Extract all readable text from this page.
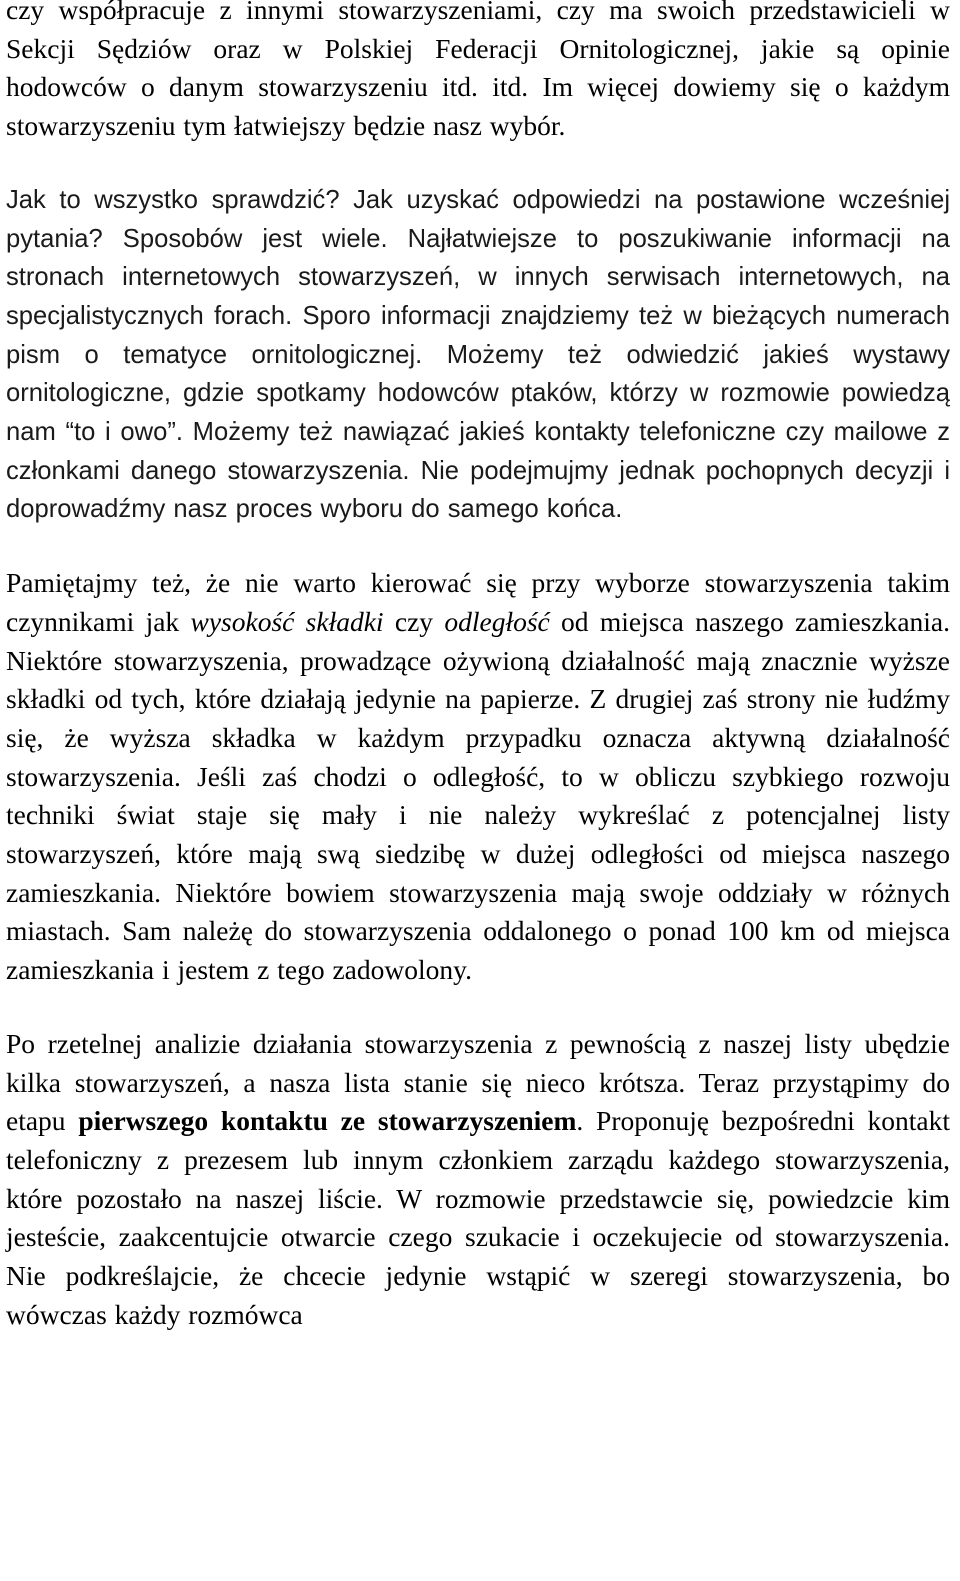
czy współpracuje z innymi stowarzyszeniami, czy ma swoich przedstawicieli w Sekcji Sędziów oraz w Polskiej Federacji Ornitologicznej, jakie są opinie hodowców o danym stowarzyszeniu itd. itd. Im więcej dowiemy się o każdym stowarzyszeniu tym łatwiejszy będzie nasz wybór.

Jak to wszystko sprawdzić? Jak uzyskać odpowiedzi na postawione wcześniej pytania? Sposobów jest wiele. Najłatwiejsze to poszukiwanie informacji na stronach internetowych stowarzyszeń, w innych serwisach internetowych, na specjalistycznych forach. Sporo informacji znajdziemy też w bieżących numerach pism o tematyce ornitologicznej. Możemy też odwiedzić jakieś wystawy ornitologiczne, gdzie spotkamy hodowców ptaków, którzy w rozmowie powiedzą nam “to i owo”. Możemy też nawiązać jakieś kontakty telefoniczne czy mailowe z członkami danego stowarzyszenia. Nie podejmujmy jednak pochopnych decyzji i doprowadźmy nasz proces wyboru do samego końca.

Pamiętajmy też, że nie warto kierować się przy wyborze stowarzyszenia takim czynnikami jak wysokość składki czy odległość od miejsca naszego zamieszkania. Niektóre stowarzyszenia, prowadzące ożywioną działalność mają znacznie wyższe składki od tych, które działają jedynie na papierze. Z drugiej zaś strony nie łudźmy się, że wyższa składka w każdym przypadku oznacza aktywną działalność stowarzyszenia. Jeśli zaś chodzi o odległość, to w obliczu szybkiego rozwoju techniki świat staje się mały i nie należy wykreślać z potencjalnej listy stowarzyszeń, które mają swą siedzibę w dużej odległości od miejsca naszego zamieszkania. Niektóre bowiem stowarzyszenia mają swoje oddziały w różnych miastach. Sam należę do stowarzyszenia oddalonego o ponad 100 km od miejsca zamieszkania i jestem z tego zadowolony.

Po rzetelnej analizie działania stowarzyszenia z pewnością z naszej listy ubędzie kilka stowarzyszeń, a nasza lista stanie się nieco krótsza. Teraz przystąpimy do etapu pierwszego kontaktu ze stowarzyszeniem. Proponuję bezpośredni kontakt telefoniczny z prezesem lub innym członkiem zarządu każdego stowarzyszenia, które pozostało na naszej liście. W rozmowie przedstawcie się, powiedzcie kim jesteście, zaakcentujcie otwarcie czego szukacie i oczekujecie od stowarzyszenia. Nie podkreślajcie, że chcecie jedynie wstąpić w szeregi stowarzyszenia, bo wówczas każdy rozmówca
